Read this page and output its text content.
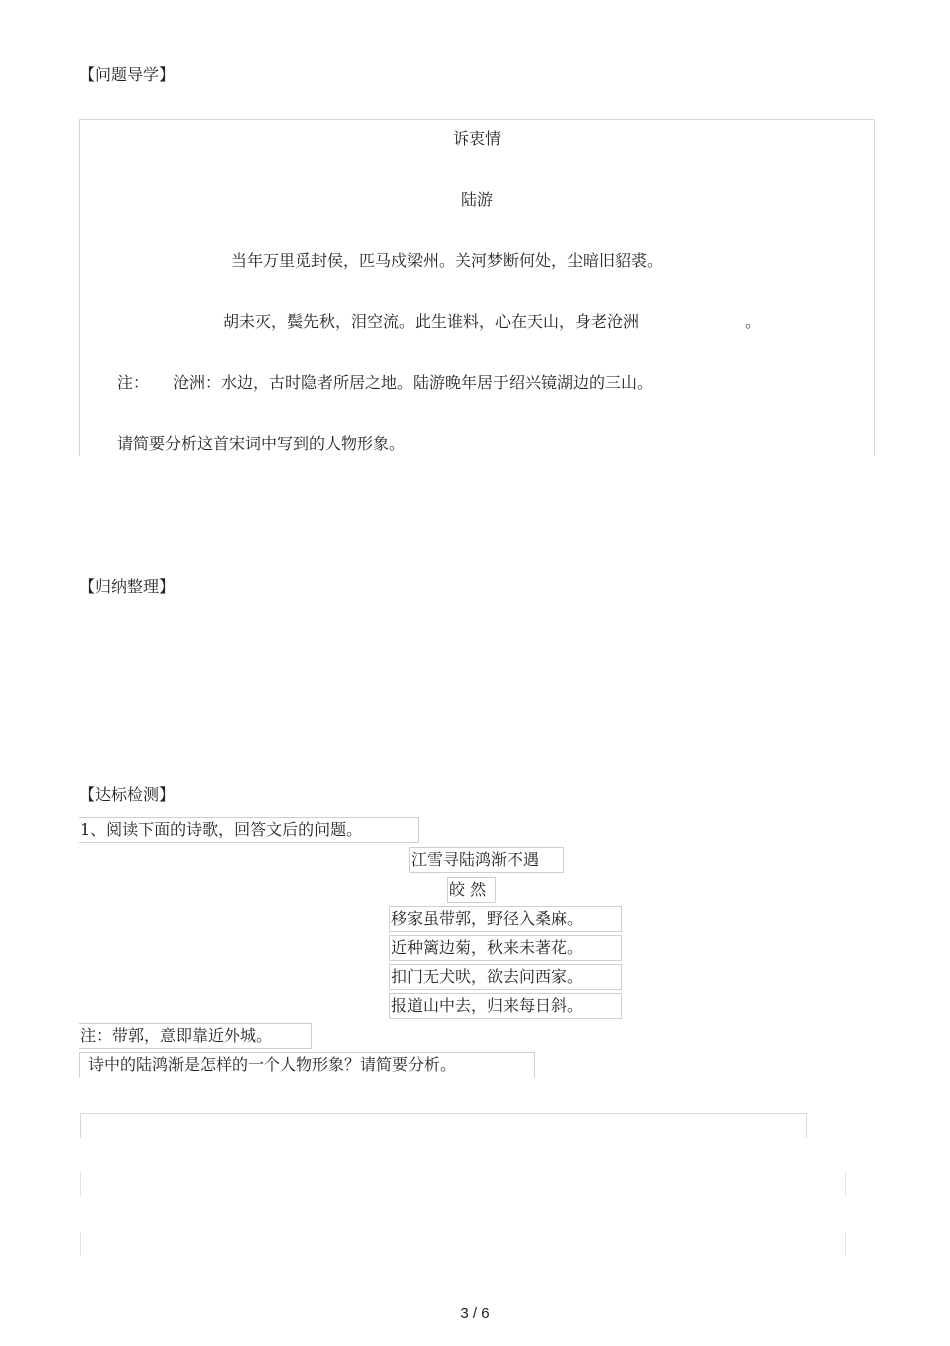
【问题导学】
诉衷情
陆游
当年万里觅封侯，匹马戍梁州。关河梦断何处，尘暗旧貂裘。
胡未灭，鬓先秋，泪空流。此生谁料，心在天山，身老沧洲	。
注： 沧洲：水边，古时隐者所居之地。陆游晚年居于绍兴镜湖边的三山。
请简要分析这首宋词中写到的人物形象。
【归纳整理】
【达标检测】
1、阅读下面的诗歌，回答文后的问题。
江雪寻陆鸿渐不遇
皎 然
移家虽带郭，野径入桑麻。
近种篱边菊，秋来未著花。
扣门无犬吠，欲去问西家。
报道山中去，归来每日斜。
注：带郭，意即靠近外城。
诗中的陆鸿渐是怎样的一个人物形象？请简要分析。
3 / 6
